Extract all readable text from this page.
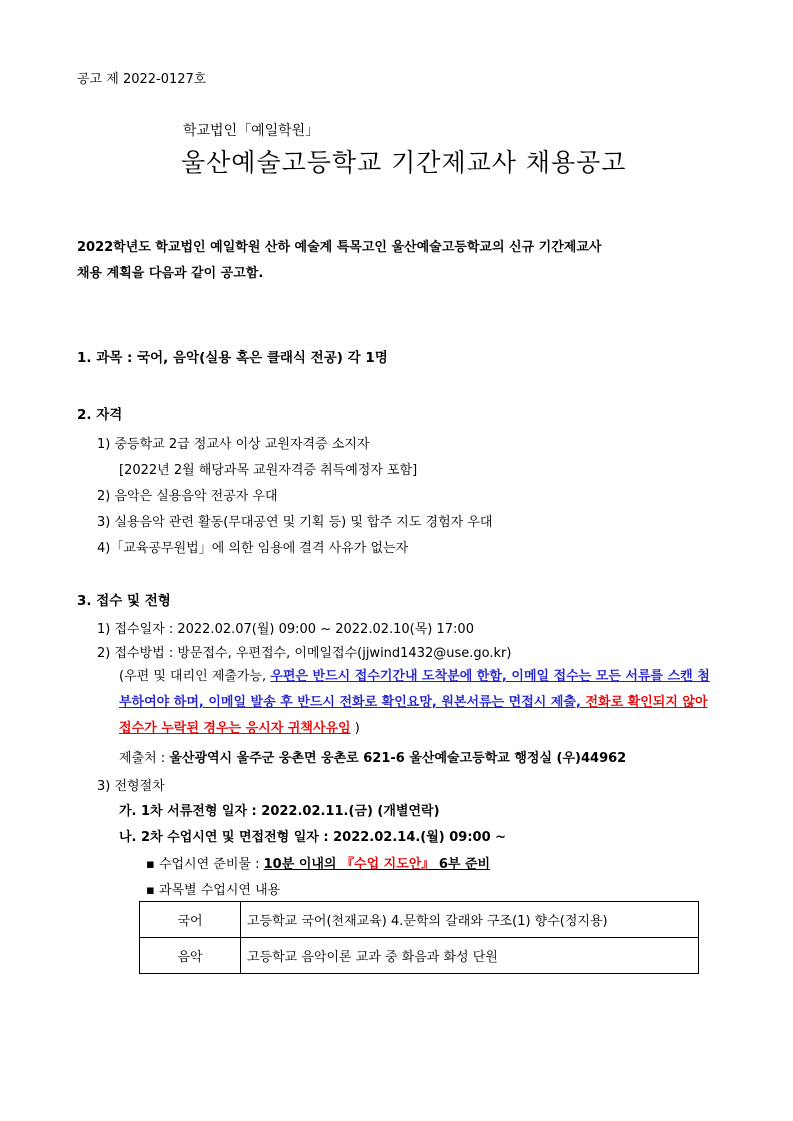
공고 제 2022-0127호
학교법인「예일학원」
울산예술고등학교 기간제교사 채용공고
2022학년도 학교법인 예일학원 산하 예술계 특목고인 울산예술고등학교의 신규 기간제교사
채용 계획을 다음과 같이 공고함.
1. 과목 : 국어, 음악(실용 혹은 클래식 전공) 각 1명
2. 자격
1) 중등학교 2급 정교사 이상 교원자격증 소지자
[2022년 2월 해당과목 교원자격증 취득예정자 포함]
2) 음악은 실용음악 전공자 우대
3) 실용음악 관련 활동(무대공연 및 기획 등) 및 합주 지도 경험자 우대
4)「교육공무원법」에 의한 임용에 결격 사유가 없는자
3. 접수 및 전형
1) 접수일자 : 2022.02.07(월) 09:00 ~ 2022.02.10(목) 17:00
2) 접수방법 : 방문접수, 우편접수, 이메일접수(jjwind1432@use.go.kr)
(우편 및 대리인 제출가능, 우편은 반드시 접수기간내 도착분에 한함, 이메일 접수는 모든 서류를 스캔 첨부하여야 하며, 이메일 발송 후 반드시 전화로 확인요망, 원본서류는 면접시 제출, 전화로 확인되지 않아 접수가 누락된 경우는 응시자 귀책사유임 )
제출처 : 울산광역시 울주군 웅촌면 웅촌로 621-6 울산예술고등학교 행정실 (우)44962
3) 전형절차
가. 1차 서류전형 일자 : 2022.02.11.(금) (개별연락)
나. 2차 수업시연 및 면접전형 일자 : 2022.02.14.(월) 09:00 ~
▪ 수업시연 준비물 : 10분 이내의 『수업 지도안』 6부 준비
▪ 과목별 수업시연 내용
국어	고등학교 국어(천재교육) 4.문학의 갈래와 구조(1) 향수(정지용)
음악	고등학교 음악이론 교과 중 화음과 화성 단원
